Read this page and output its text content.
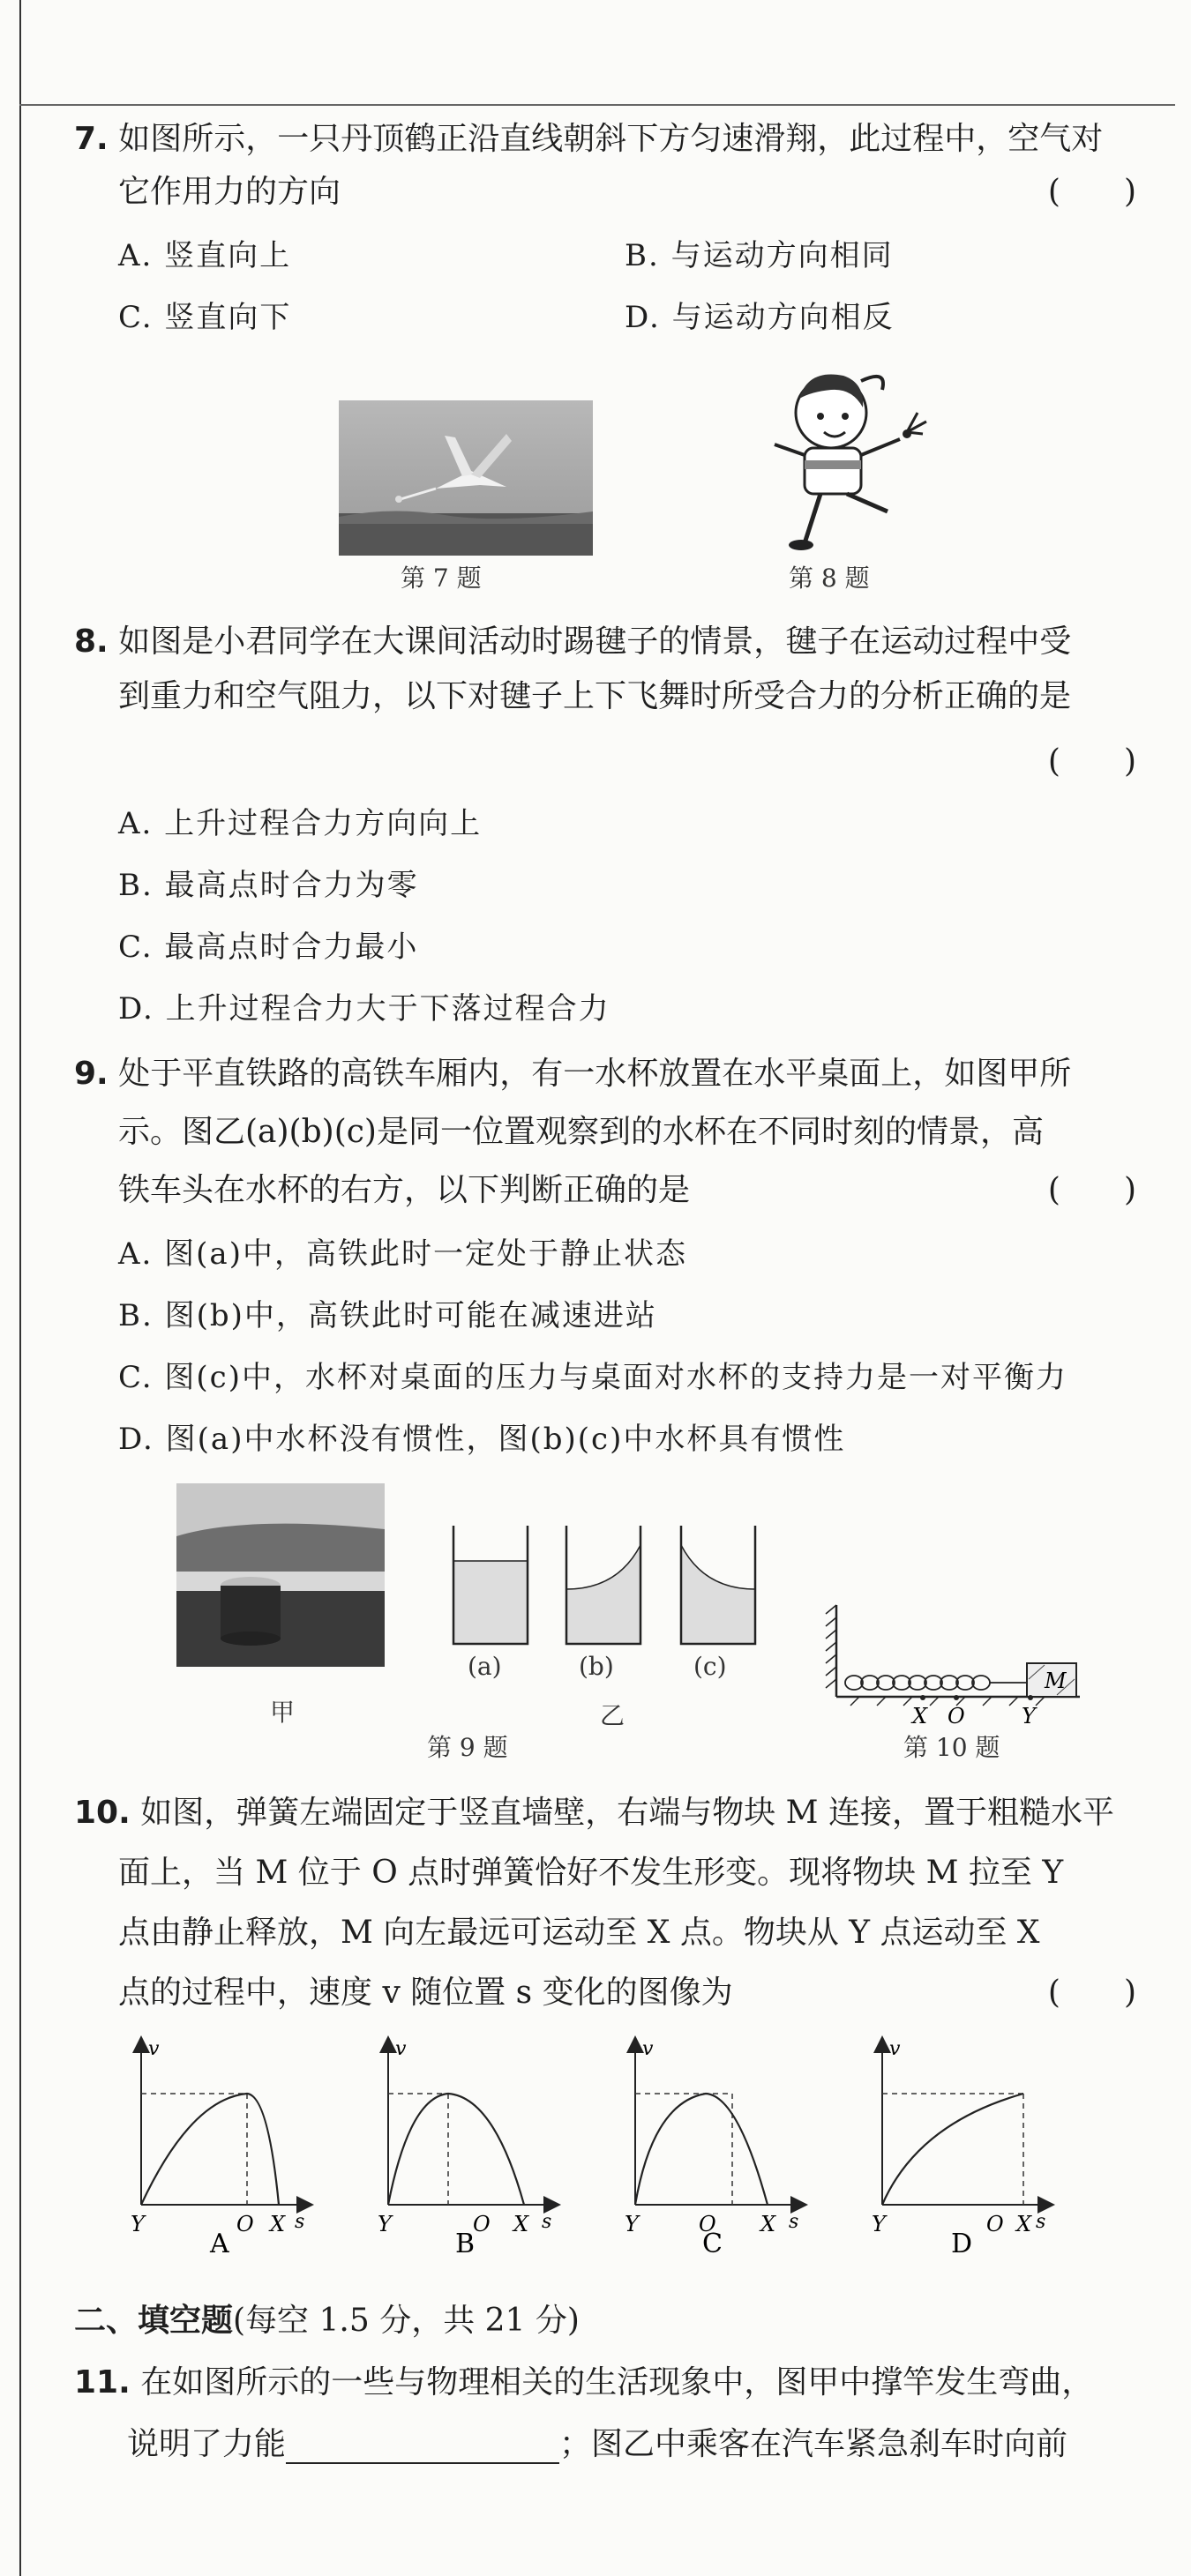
7. 如图所示，一只丹顶鹤正沿直线朝斜下方匀速滑翔，此过程中，空气对
它作用力的方向	(　　)
A. 竖直向上	B. 与运动方向相同
C. 竖直向下	D. 与运动方向相反
第 7 题	第 8 题
8. 如图是小君同学在大课间活动时踢毽子的情景，毽子在运动过程中受
到重力和空气阻力，以下对毽子上下飞舞时所受合力的分析正确的是
(　　)
A. 上升过程合力方向向上
B. 最高点时合力为零
C. 最高点时合力最小
D. 上升过程合力大于下落过程合力
9. 处于平直铁路的高铁车厢内，有一水杯放置在水平桌面上，如图甲所
示。图乙(a)(b)(c)是同一位置观察到的水杯在不同时刻的情景，高
铁车头在水杯的右方，以下判断正确的是	(　　)
A. 图(a)中，高铁此时一定处于静止状态
B. 图(b)中，高铁此时可能在减速进站
C. 图(c)中，水杯对桌面的压力与桌面对水杯的支持力是一对平衡力
D. 图(a)中水杯没有惯性，图(b)(c)中水杯具有惯性
甲
(a)	(b)	(c)
乙
第 9 题
M
X O	Y
第 10 题
10. 如图，弹簧左端固定于竖直墙壁，右端与物块 M 连接，置于粗糙水平
面上，当 M 位于 O 点时弹簧恰好不发生形变。现将物块 M 拉至 Y
点由静止释放，M 向左最远可运动至 X 点。物块从 Y 点运动至 X
点的过程中，速度 v 随位置 s 变化的图像为	(　　)
v
s
Y	O X
A
v
s
Y	O X
B
v
s
Y	O X
C
v
s
Y	O X
D
二、填空题(每空 1.5 分，共 21 分)
11. 在如图所示的一些与物理相关的生活现象中，图甲中撑竿发生弯曲，
说明了力能	；图乙中乘客在汽车紧急刹车时向前
